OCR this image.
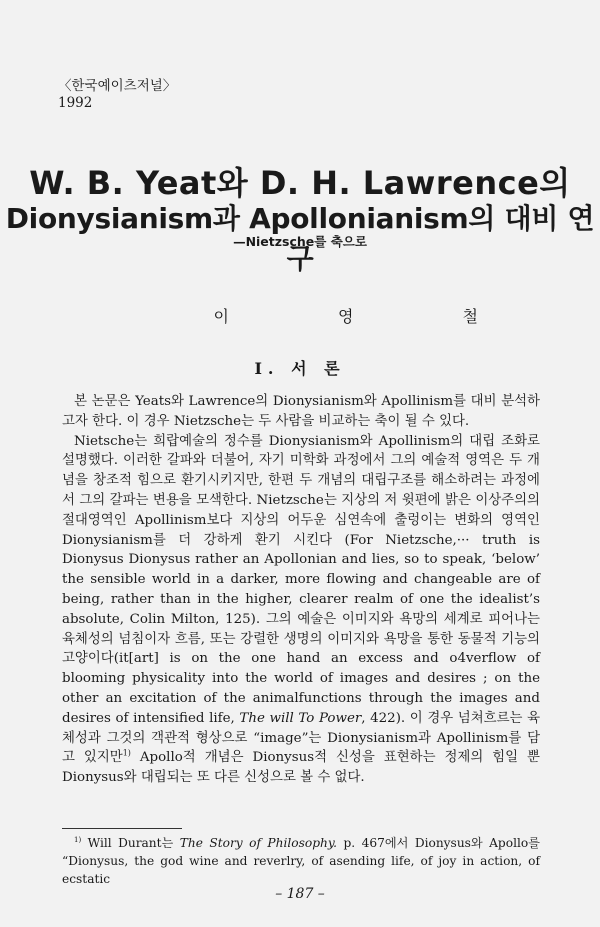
〈한국예이츠저널〉
1992
W. B. Yeat와 D. H. Lawrence의
Dionysianism과 Apollonianism의 대비 연구
—Nietzsche를 축으로
이 영 철
I. 서 론

본 논문은 Yeats와 Lawrence의 Dionysianism와 Apollinism를 대비 분석하고자 한다. 이 경우 Nietzsche는 두 사람을 비교하는 축이 될 수 있다.

Nietsche는 희랍예술의 정수를 Dionysianism와 Apollinism의 대립 조화로 설명했다. 이러한 갈파와 더불어, 자기 미학화 과정에서 그의 예술적 영역은 두 개념을 창조적 힘으로 환기시키지만, 한편 두 개념의 대립구조를 해소하려는 과정에서 그의 갈파는 변용을 모색한다. Nietzsche는 지상의 저 윗편에 밝은 이상주의의 절대영역인 Apollinism보다 지상의 어두운 심연속에 출렁이는 변화의 영역인 Dionysianism를 더 강하게 환기 시킨다 (For Nietzsche,··· truth is Dionysus Dionysus rather an Apollonian and lies, so to speak, ‘below’ the sensible world in a darker, more flowing and changeable are of being, rather than in the higher, clearer realm of one the idealist’s absolute, Colin Milton, 125). 그의 예술은 이미지와 욕망의 세계로 피어나는 육체성의 넘침이자 흐름, 또는 강렬한 생명의 이미지와 욕망을 통한 동물적 기능의 고양이다(it[art] is on the one hand an excess and o4verflow of blooming physicality into the world of images and desires ; on the other an excitation of the animalfunctions through the images and desires of intensified life, The will To Power, 422). 이 경우 넘쳐흐르는 육체성과 그것의 객관적 형상으로 “image”는 Dionysianism과 Apollinism를 담고 있지만$^{1)}$ Apollo적 개념은 Dionysus적 신성을 표현하는 정제의 힘일 뿐 Dionysus와 대립되는 또 다른 신성으로 볼 수 없다.

$^{1)}$ Will Durant는 The Story of Philosophy. p. 467에서 Dionysus와 Apollo를 “Dionysus, the god wine and reverlry, of asending life, of joy in action, of ecstatic

– 187 –
